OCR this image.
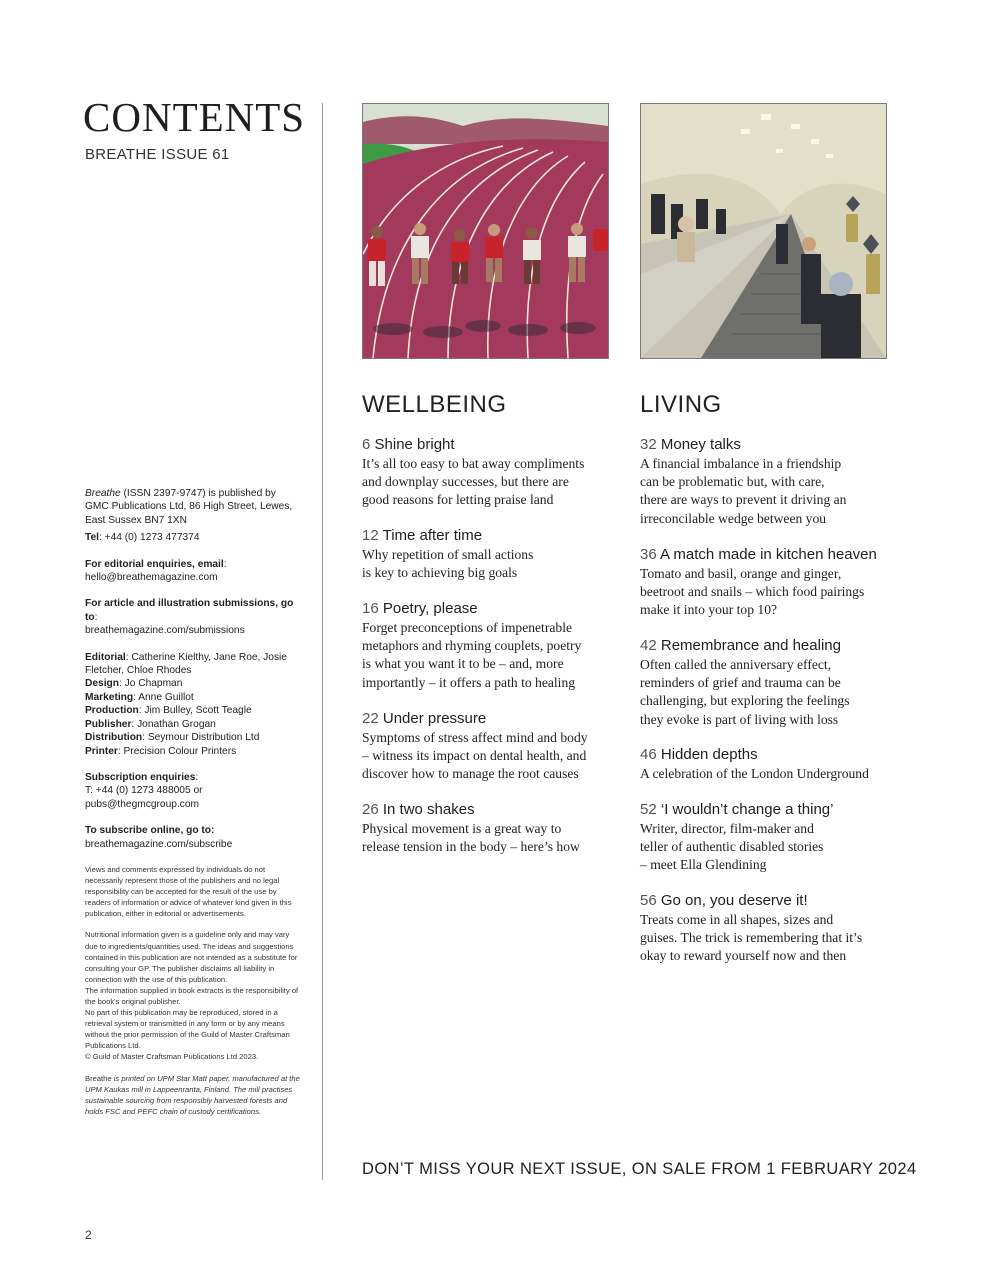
CONTENTS
BREATHE ISSUE 61

Breathe (ISSN 2397-9747) is published by GMC Publications Ltd, 86 High Street, Lewes, East Sussex BN7 1XN

Tel: +44 (0) 1273 477374

For editorial enquiries, email:
hello@breathemagazine.com

For article and illustration submissions, go to:
breathemagazine.com/submissions

Editorial: Catherine Kielthy, Jane Roe, Josie Fletcher, Chloe Rhodes
Design: Jo Chapman
Marketing: Anne Guillot
Production: Jim Bulley, Scott Teagle
Publisher: Jonathan Grogan
Distribution: Seymour Distribution Ltd
Printer: Precision Colour Printers

Subscription enquiries:
T: +44 (0) 1273 488005 or
pubs@thegmcgroup.com

To subscribe online, go to:
breathemagazine.com/subscribe

Views and comments expressed by individuals do not necessarily represent those of the publishers and no legal responsibility can be accepted for the result of the use by readers of information or advice of whatever kind given in this publication, either in editorial or advertisements.

Nutritional information given is a guideline only and may vary due to ingredients/quantities used. The ideas and suggestions contained in this publication are not intended as a substitute for consulting your GP. The publisher disclaims all liability in connection with the use of this publication.

The information supplied in book extracts is the responsibility of the book's original publisher.

No part of this publication may be reproduced, stored in a retrieval system or transmitted in any form or by any means without the prior permission of the Guild of Master Craftsman Publications Ltd.

© Guild of Master Craftsman Publications Ltd 2023.

Breathe is printed on UPM Star Matt paper, manufactured at the UPM Kaukas mill in Lappeenranta, Finland. The mill practises sustainable sourcing from responsibly harvested forests and holds FSC and PEFC chain of custody certifications.

2
WELLBEING
6 Shine bright
It’s all too easy to bat away compliments
and downplay successes, but there are
good reasons for letting praise land
12 Time after time
Why repetition of small actions
is key to achieving big goals
16 Poetry, please
Forget preconceptions of impenetrable
metaphors and rhyming couplets, poetry
is what you want it to be – and, more
importantly – it offers a path to healing
22 Under pressure
Symptoms of stress affect mind and body
– witness its impact on dental health, and
discover how to manage the root causes
26 In two shakes
Physical movement is a great way to
release tension in the body – here’s how
LIVING
32 Money talks
A financial imbalance in a friendship
can be problematic but, with care,
there are ways to prevent it driving an
irreconcilable wedge between you
36 A match made in kitchen heaven
Tomato and basil, orange and ginger,
beetroot and snails – which food pairings
make it into your top 10?
42 Remembrance and healing
Often called the anniversary effect,
reminders of grief and trauma can be
challenging, but exploring the feelings
they evoke is part of living with loss
46 Hidden depths
A celebration of the London Underground
52 ‘I wouldn’t change a thing’
Writer, director, film-maker and
teller of authentic disabled stories
– meet Ella Glendining
56 Go on, you deserve it!
Treats come in all shapes, sizes and
guises. The trick is remembering that it’s
okay to reward yourself now and then
DON’T MISS YOUR NEXT ISSUE, ON SALE FROM 1 FEBRUARY 2024
